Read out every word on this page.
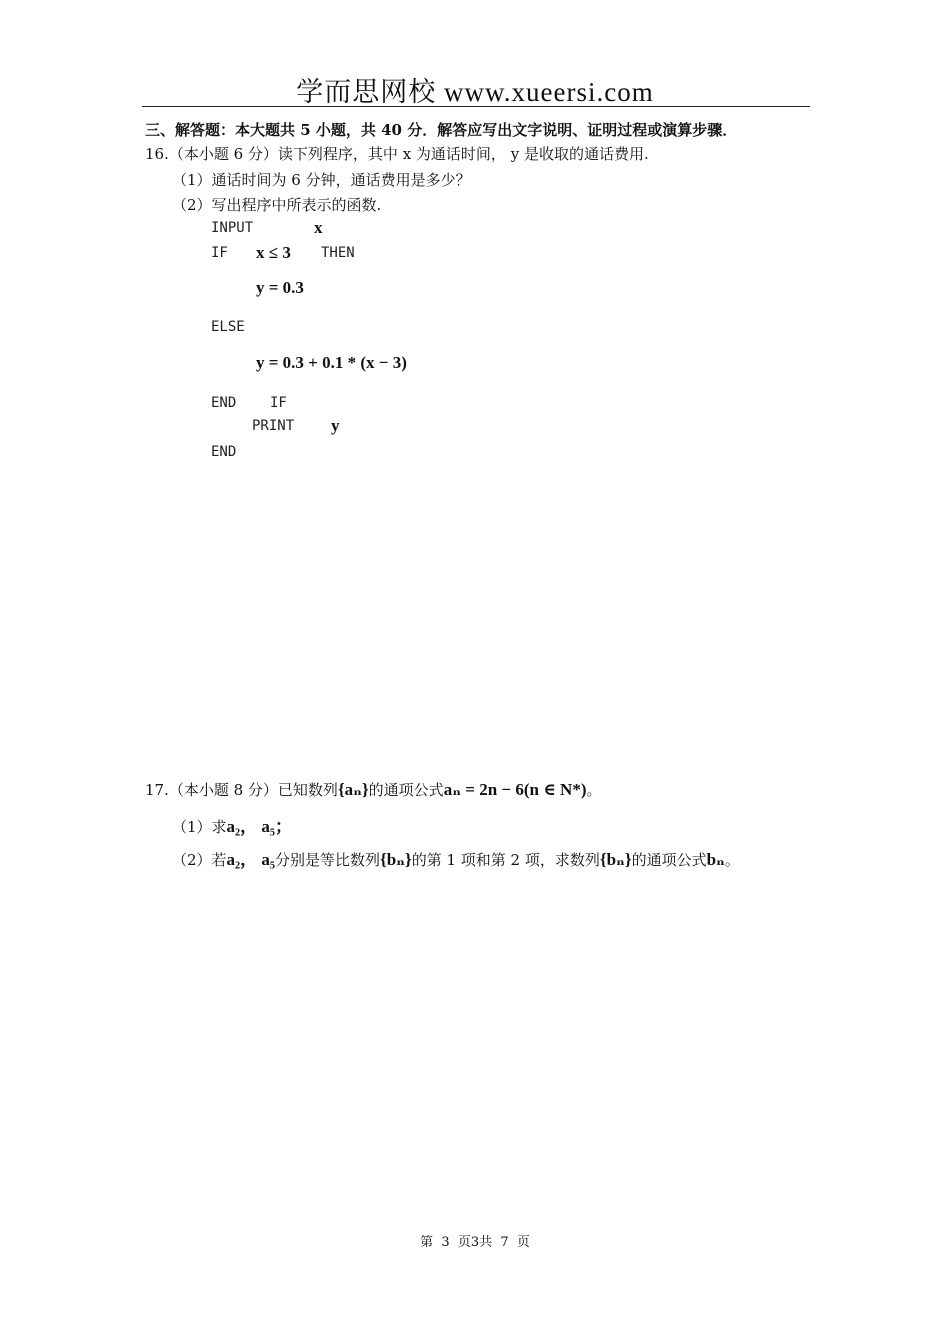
学而思网校 www.xueersi.com
三、解答题：本大题共 5 小题，共 40 分．解答应写出文字说明、证明过程或演算步骤．
16.（本小题 6 分）读下列程序，其中 x 为通话时间， y 是收取的通话费用.
（1）通话时间为 6 分钟，通话费用是多少？
（2）写出程序中所表示的函数.
INPUT	x
IF x ≤ 3 THEN
y = 0.3
ELSE
y = 0.3 + 0.1 * (x − 3)
END    IF
PRINT y
END
17.（本小题 8 分）已知数列{aₙ}的通项公式aₙ = 2n − 6(n ∈ N*)。
（1）求a₂， a₅；
（2）若a₂， a₅分别是等比数列{bₙ}的第 1 项和第 2 项，求数列{bₙ}的通项公式bₙ。
第  3  页3共  7  页
